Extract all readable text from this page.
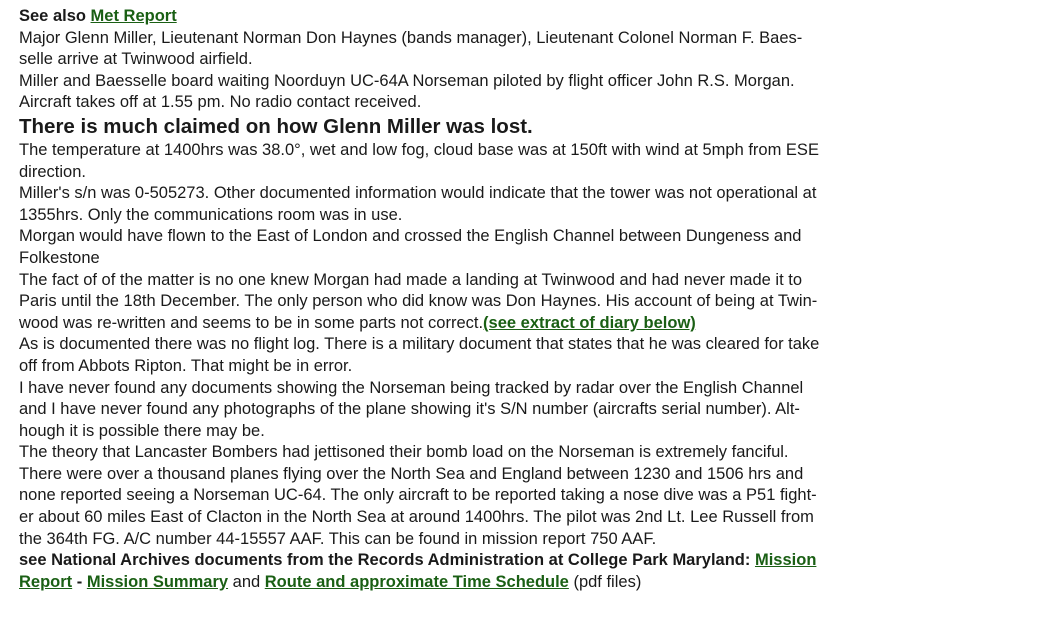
See also Met Report

Major Glenn Miller, Lieutenant Norman Don Haynes (bands manager), Lieutenant Colonel Norman F. Baes-

selle arrive at Twinwood airfield.

Miller and Baesselle board waiting Noorduyn UC-64A Norseman piloted by flight officer John R.S. Morgan.

Aircraft takes off at 1.55 pm. No radio contact received.

There is much claimed on how Glenn Miller was lost.

The temperature at 1400hrs was 38.0°, wet and low fog, cloud base was at 150ft with wind at 5mph from ESE

direction.

Miller's s/n was 0-505273. Other documented information would indicate that the tower was not operational at

1355hrs. Only the communications room was in use.

Morgan would have flown to the East of London and crossed the English Channel between Dungeness and

Folkestone

The fact of of the matter is no one knew Morgan had made a landing at Twinwood and had never made it to

Paris until the 18th December. The only person who did know was Don Haynes. His account of being at Twin-

wood was re-written and seems to be in some parts not correct.(see extract of diary below)

As is documented there was no flight log. There is a military document that states that he was cleared for take

off from Abbots Ripton. That might be in error.

I have never found any documents showing the Norseman being tracked by radar over the English Channel

and I have never found any photographs of the plane showing it's S/N number (aircrafts serial number). Alt-

hough it is possible there may be.

The theory that Lancaster Bombers had jettisoned their bomb load on the Norseman is extremely fanciful.

There were over a thousand planes flying over the North Sea and England between 1230 and 1506 hrs and

none reported seeing a Norseman UC-64. The only aircraft to be reported taking a nose dive was a P51 fight-

er about 60 miles East of Clacton in the North Sea at around 1400hrs. The pilot was 2nd Lt. Lee Russell from

the 364th FG. A/C number 44-15557 AAF. This can be found in mission report 750 AAF.

see National Archives documents from the Records Administration at College Park Maryland: Mission

Report - Mission Summary and Route and approximate Time Schedule (pdf files)
